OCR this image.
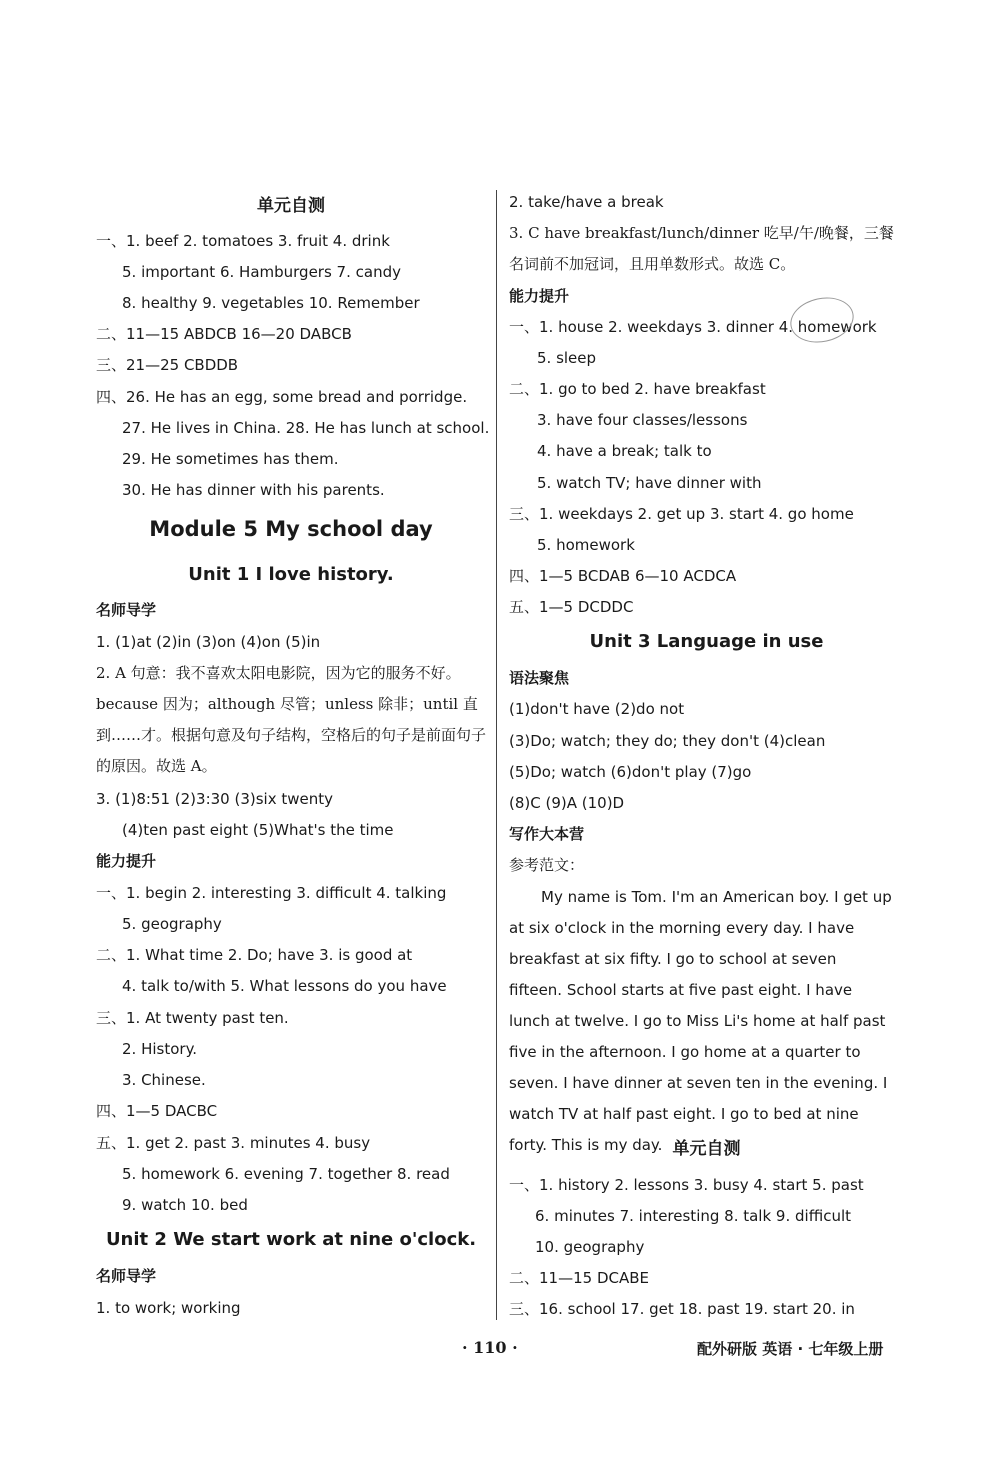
单元自测
一、1. beef 2. tomatoes 3. fruit 4. drink
5. important 6. Hamburgers 7. candy
8. healthy 9. vegetables 10. Remember
二、11—15 ABDCB 16—20 DABCB
三、21—25 CBDDB
四、26. He has an egg, some bread and porridge.
27. He lives in China. 28. He has lunch at school.
29. He sometimes has them.
30. He has dinner with his parents.
Module 5 My school day
Unit 1 I love history.
名师导学
1. (1)at (2)in (3)on (4)on (5)in
2. A 句意：我不喜欢太阳电影院，因为它的服务不好。because 因为；although 尽管；unless 除非；until 直到……才。根据句意及句子结构，空格后的句子是前面句子的原因。故选 A。
3. (1)8:51 (2)3:30 (3)six twenty
(4)ten past eight (5)What's the time
能力提升
一、1. begin 2. interesting 3. difficult 4. talking
5. geography
二、1. What time 2. Do; have 3. is good at
4. talk to/with 5. What lessons do you have
三、1. At twenty past ten.
2. History.
3. Chinese.
四、1—5 DACBC
五、1. get 2. past 3. minutes 4. busy
5. homework 6. evening 7. together 8. read
9. watch 10. bed
Unit 2 We start work at nine o'clock.
名师导学
1. to work; working
2. take/have a break
3. C have breakfast/lunch/dinner 吃早/午/晚餐，三餐名词前不加冠词，且用单数形式。故选 C。
能力提升
一、1. house 2. weekdays 3. dinner 4. homework
5. sleep
二、1. go to bed 2. have breakfast
3. have four classes/lessons
4. have a break; talk to
5. watch TV; have dinner with
三、1. weekdays 2. get up 3. start 4. go home
5. homework
四、1—5 BCDAB 6—10 ACDCA
五、1—5 DCDDC
Unit 3 Language in use
语法聚焦
(1)don't have (2)do not
(3)Do; watch; they do; they don't (4)clean
(5)Do; watch (6)don't play (7)go
(8)C (9)A (10)D
写作大本营
参考范文：
My name is Tom. I'm an American boy. I get up at six o'clock in the morning every day. I have breakfast at six fifty. I go to school at seven fifteen. School starts at five past eight. I have lunch at twelve. I go to Miss Li's home at half past five in the afternoon. I go home at a quarter to seven. I have dinner at seven ten in the evening. I watch TV at half past eight. I go to bed at nine forty. This is my day. 单元自测
一、1. history 2. lessons 3. busy 4. start 5. past
6. minutes 7. interesting 8. talk 9. difficult
10. geography
二、11—15 DCABE
三、16. school 17. get 18. past 19. start 20. in
· 110 ·	配外研版 英语 · 七年级上册
